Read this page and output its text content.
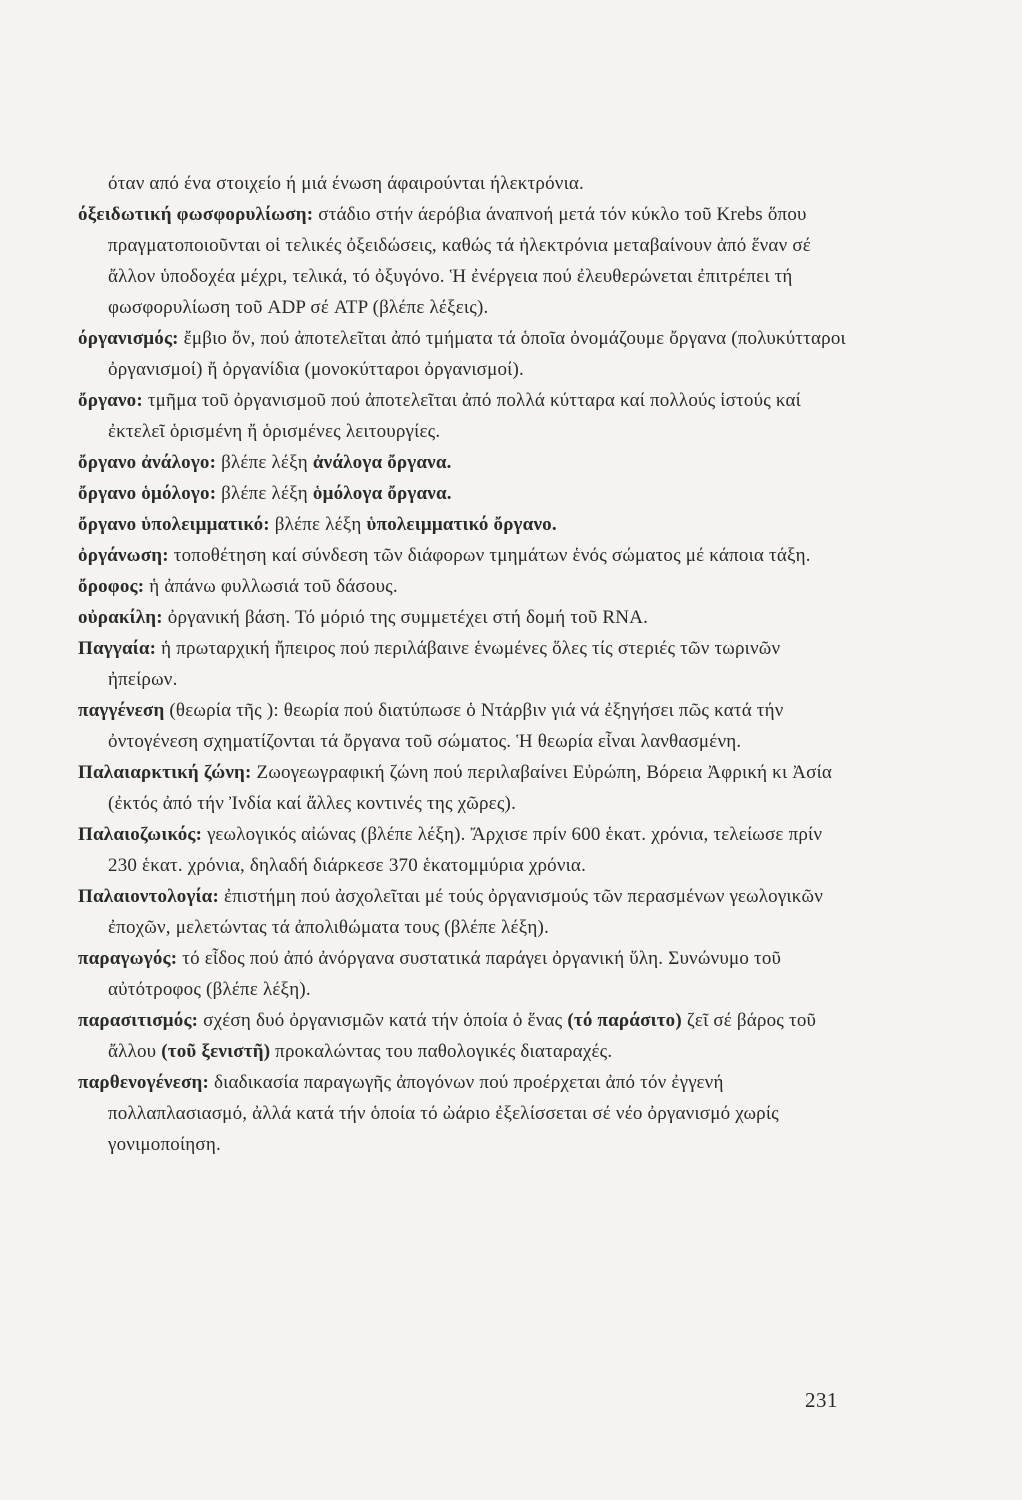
όταν από ένα στοιχείο ή μιά ένωση άφαιρούνται ήλεκτρόνια.

όξειδωτική φωσφορυλίωση: στάδιο στήν άερόβια άναπνοή μετά τόν κύκλο τοῦ Krebs ὅπου πραγματοποιοῦνται οἱ τελικές ὀξειδώσεις, καθώς τά ἠλεκτρόνια μεταβαίνουν ἀπό ἕναν σέ ἄλλον ὑποδοχέα μέχρι, τελικά, τό ὀξυγόνο. Ἡ ἐνέργεια πού ἐλευθερώνεται ἐπιτρέπει τή φωσφορυλίωση τοῦ ADP σέ ATP (βλέπε λέξεις).

όργανισμός: ἔμβιο ὄν, πού ἀποτελεῖται ἀπό τμήματα τά ὁποῖα ὀνομάζουμε ὄργανα (πολυκύτταροι ὀργανισμοί) ἤ ὀργανίδια (μονοκύτταροι ὀργανισμοί).

ὄργανο: τμῆμα τοῦ ὀργανισμοῦ πού ἀποτελεῖται ἀπό πολλά κύτταρα καί πολλούς ἱστούς καί ἐκτελεῖ ὁρισμένη ἤ ὁρισμένες λειτουργίες.

ὄργανο ἀνάλογο: βλέπε λέξη ἀνάλογα ὄργανα.

ὄργανο ὁμόλογο: βλέπε λέξη ὁμόλογα ὄργανα.

ὄργανο ὑπολειμματικό: βλέπε λέξη ὑπολειμματικό ὄργανο.

ὀργάνωση: τοποθέτηση καί σύνδεση τῶν διάφορων τμημάτων ἑνός σώματος μέ κάποια τάξη.

ὄροφος: ἡ ἀπάνω φυλλωσιά τοῦ δάσους.

οὐρακίλη: ὀργανική βάση. Τό μόριό της συμμετέχει στή δομή τοῦ RNA.

Παγγαία: ἡ πρωταρχική ἤπειρος πού περιλάβαινε ἑνωμένες ὅλες τίς στεριές τῶν τωρινῶν ἠπείρων.

παγγένεση (θεωρία τῆς ): θεωρία πού διατύπωσε ὁ Ντάρβιν γιά νά ἐξηγήσει πῶς κατά τήν ὀντογένεση σχηματίζονται τά ὄργανα τοῦ σώματος. Ἡ θεωρία εἶναι λανθασμένη.

Παλαιαρκτική ζώνη: Ζωογεωγραφική ζώνη πού περιλαβαίνει Εὐρώπη, Βόρεια Ἀφρική κι Ἀσία (ἐκτός ἀπό τήν Ἰνδία καί ἄλλες κοντινές της χῶρες).

Παλαιοζωικός: γεωλογικός αἰώνας (βλέπε λέξη). Ἄρχισε πρίν 600 ἑκατ. χρόνια, τελείωσε πρίν 230 ἑκατ. χρόνια, δηλαδή διάρκεσε 370 ἑκατομμύρια χρόνια.

Παλαιοντολογία: ἐπιστήμη πού ἀσχολεῖται μέ τούς ὀργανισμούς τῶν περασμένων γεωλογικῶν ἐποχῶν, μελετώντας τά ἀπολιθώματα τους (βλέπε λέξη).

παραγωγός: τό εἶδος πού ἀπό ἀνόργανα συστατικά παράγει ὀργανική ὕλη. Συνώνυμο τοῦ αὐτότροφος (βλέπε λέξη).

παρασιτισμός: σχέση δυό ὀργανισμῶν κατά τήν ὁποία ὁ ἕνας (τό παράσιτο) ζεῖ σέ βάρος τοῦ ἄλλου (τοῦ ξενιστῆ) προκαλώντας του παθολογικές διαταραχές.

παρθενογένεση: διαδικασία παραγωγῆς ἀπογόνων πού προέρχεται ἀπό τόν ἐγγενή πολλαπλασιασμό, ἀλλά κατά τήν ὁποία τό ὠάριο ἐξελίσσεται σέ νέο ὀργανισμό χωρίς γονιμοποίηση.

231
